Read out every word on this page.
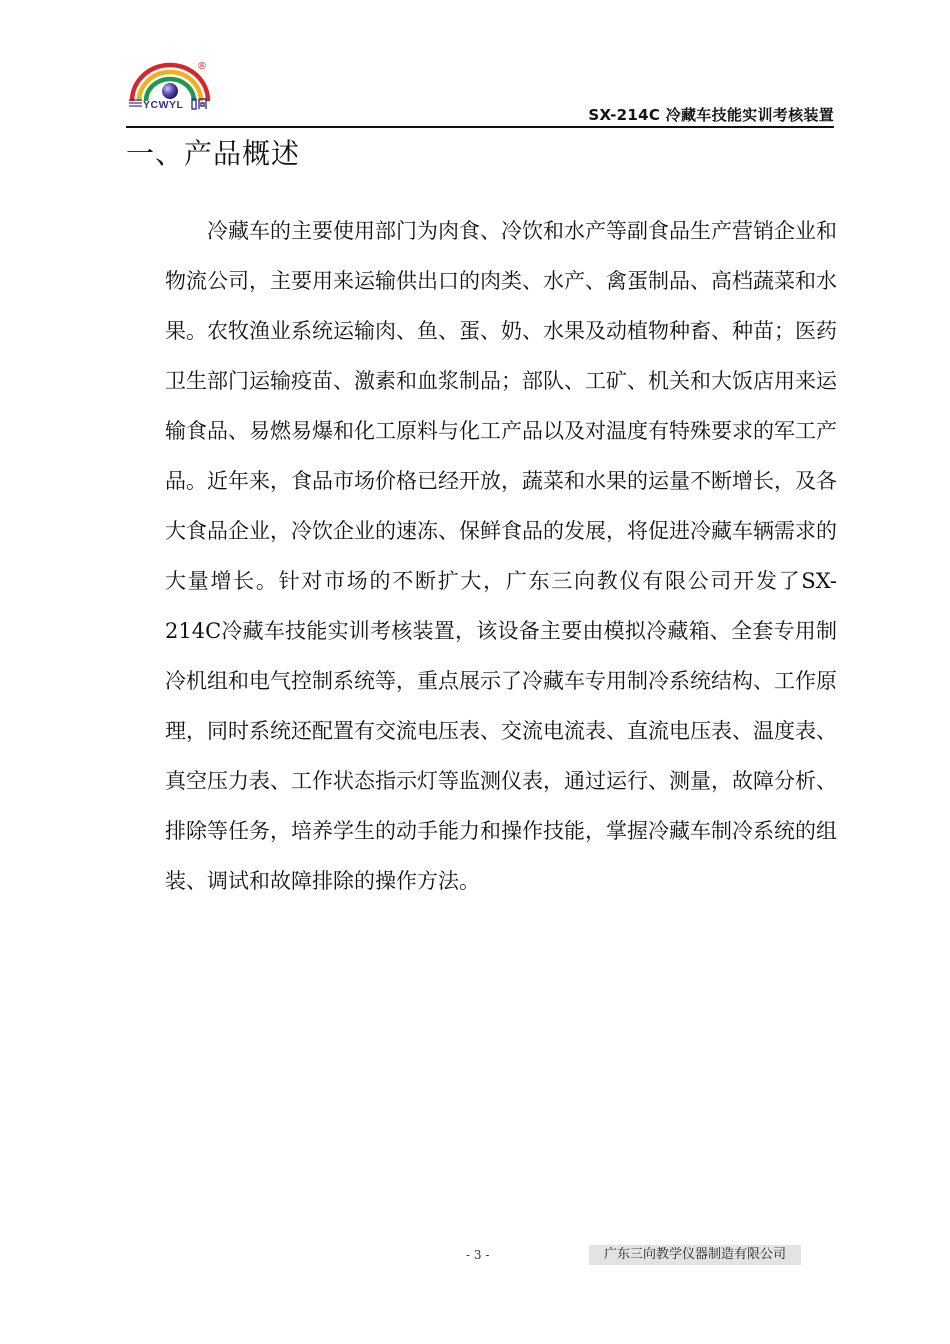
YCWYL
®
SX-214C 冷藏车技能实训考核装置
一、产品概述

冷藏车的主要使用部门为肉食、冷饮和水产等副食品生产营销企业和物流公司，主要用来运输供出口的肉类、水产、禽蛋制品、高档蔬菜和水果。农牧渔业系统运输肉、鱼、蛋、奶、水果及动植物种畜、种苗；医药卫生部门运输疫苗、激素和血浆制品；部队、工矿、机关和大饭店用来运输食品、易燃易爆和化工原料与化工产品以及对温度有特殊要求的军工产品。近年来，食品市场价格已经开放，蔬菜和水果的运量不断增长，及各大食品企业，冷饮企业的速冻、保鲜食品的发展，将促进冷藏车辆需求的大量增长。针对市场的不断扩大，广东三向教仪有限公司开发了SX-214C冷藏车技能实训考核装置，该设备主要由模拟冷藏箱、全套专用制冷机组和电气控制系统等，重点展示了冷藏车专用制冷系统结构、工作原理，同时系统还配置有交流电压表、交流电流表、直流电压表、温度表、真空压力表、工作状态指示灯等监测仪表，通过运行、测量，故障分析、排除等任务，培养学生的动手能力和操作技能，掌握冷藏车制冷系统的组装、调试和故障排除的操作方法。

- 3 -	广东三向教学仪器制造有限公司
